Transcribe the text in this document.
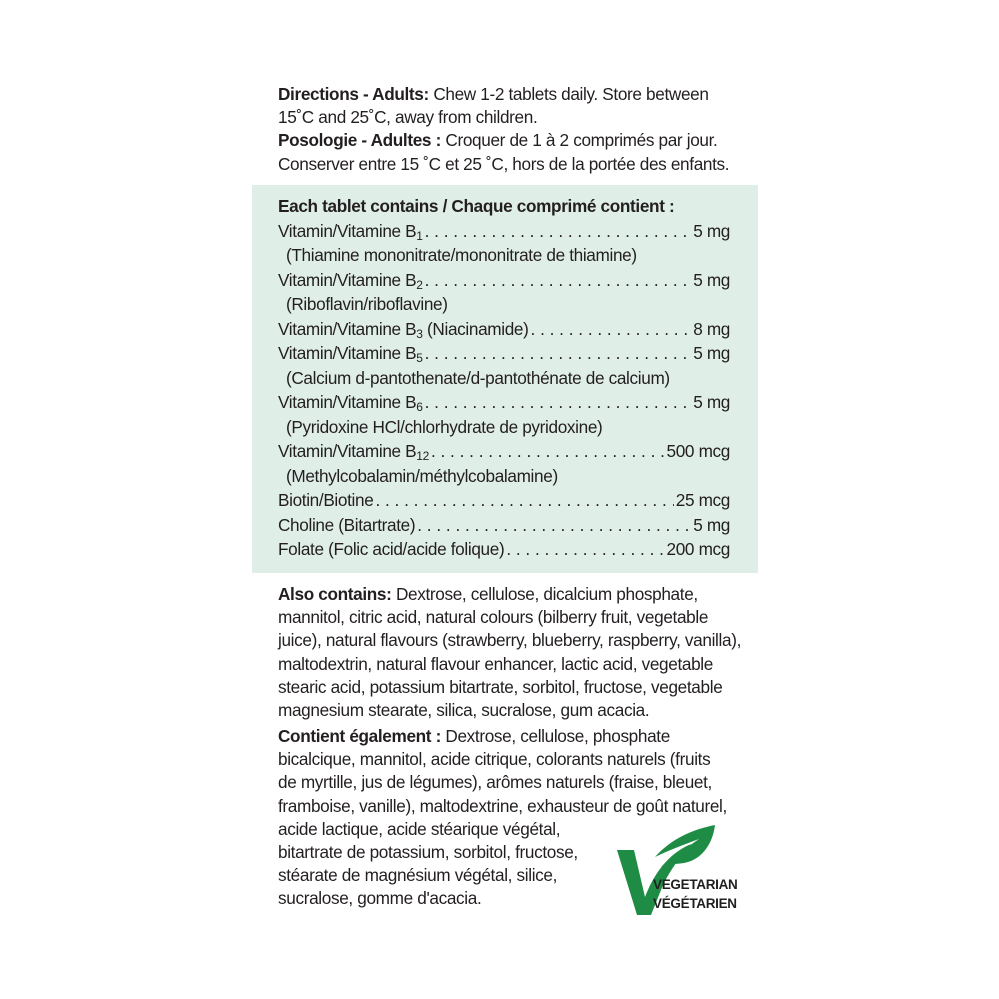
Directions - Adults: Chew 1-2 tablets daily. Store between 15˚C and 25˚C, away from children.
Posologie - Adultes : Croquer de 1 à 2 comprimés par jour. Conserver entre 15 ˚C et 25 ˚C, hors de la portée des enfants.
Each tablet contains / Chaque comprimé contient :
Vitamin/Vitamine $B_1$ . . .	5 mg
(Thiamine mononitrate/mononitrate de thiamine)
Vitamin/Vitamine $B_2$ . . .	5 mg
(Riboflavin/riboflavine)
Vitamin/Vitamine $B_3$ (Niacinamide) . . .	8 mg
Vitamin/Vitamine $B_5$ . . .	5 mg
(Calcium d-pantothenate/d-pantothénate de calcium)
Vitamin/Vitamine $B_6$ . . .	5 mg
(Pyridoxine HCl/chlorhydrate de pyridoxine)
Vitamin/Vitamine $B_{12}$ . . .	500 mcg
(Methylcobalamin/méthylcobalamine)
Biotin/Biotine . . .	25 mcg
Choline (Bitartrate) . . .	5 mg
Folate (Folic acid/acide folique) . . .	200 mcg
Also contains: Dextrose, cellulose, dicalcium phosphate, mannitol, citric acid, natural colours (bilberry fruit, vegetable juice), natural flavours (strawberry, blueberry, raspberry, vanilla), maltodextrin, natural flavour enhancer, lactic acid, vegetable stearic acid, potassium bitartrate, sorbitol, fructose, vegetable magnesium stearate, silica, sucralose, gum acacia.
Contient également : Dextrose, cellulose, phosphate
bicalcique, mannitol, acide citrique, colorants naturels (fruits
de myrtille, jus de légumes), arômes naturels (fraise, bleuet,
framboise, vanille), maltodextrine, exhausteur de goût naturel,
acide lactique, acide stéarique végétal,
bitartrate de potassium, sorbitol, fructose,
stéarate de magnésium végétal, silice,
sucralose, gomme d'acacia.
VEGETARIAN
VÉGÉTARIEN
